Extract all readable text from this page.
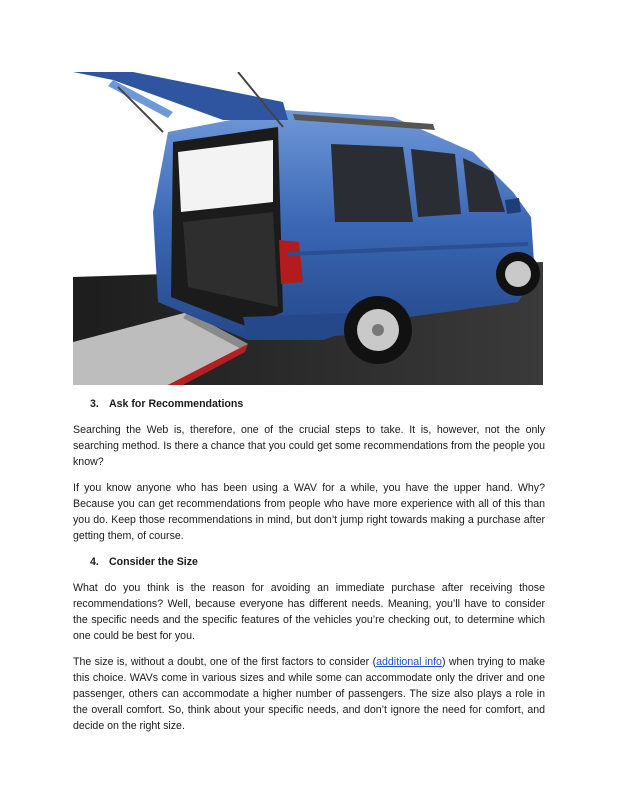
3. Ask for Recommendations

Searching the Web is, therefore, one of the crucial steps to take. It is, however, not the only searching method. Is there a chance that you could get some recommendations from the people you know?

If you know anyone who has been using a WAV for a while, you have the upper hand. Why? Because you can get recommendations from people who have more experience with all of this than you do. Keep those recommendations in mind, but don’t jump right towards making a purchase after getting them, of course.

4. Consider the Size

What do you think is the reason for avoiding an immediate purchase after receiving those recommendations? Well, because everyone has different needs. Meaning, you’ll have to consider the specific needs and the specific features of the vehicles you’re checking out, to determine which one could be best for you.

The size is, without a doubt, one of the first factors to consider (additional info) when trying to make this choice. WAVs come in various sizes and while some can accommodate only the driver and one passenger, others can accommodate a higher number of passengers. The size also plays a role in the overall comfort. So, think about your specific needs, and don’t ignore the need for comfort, and decide on the right size.
